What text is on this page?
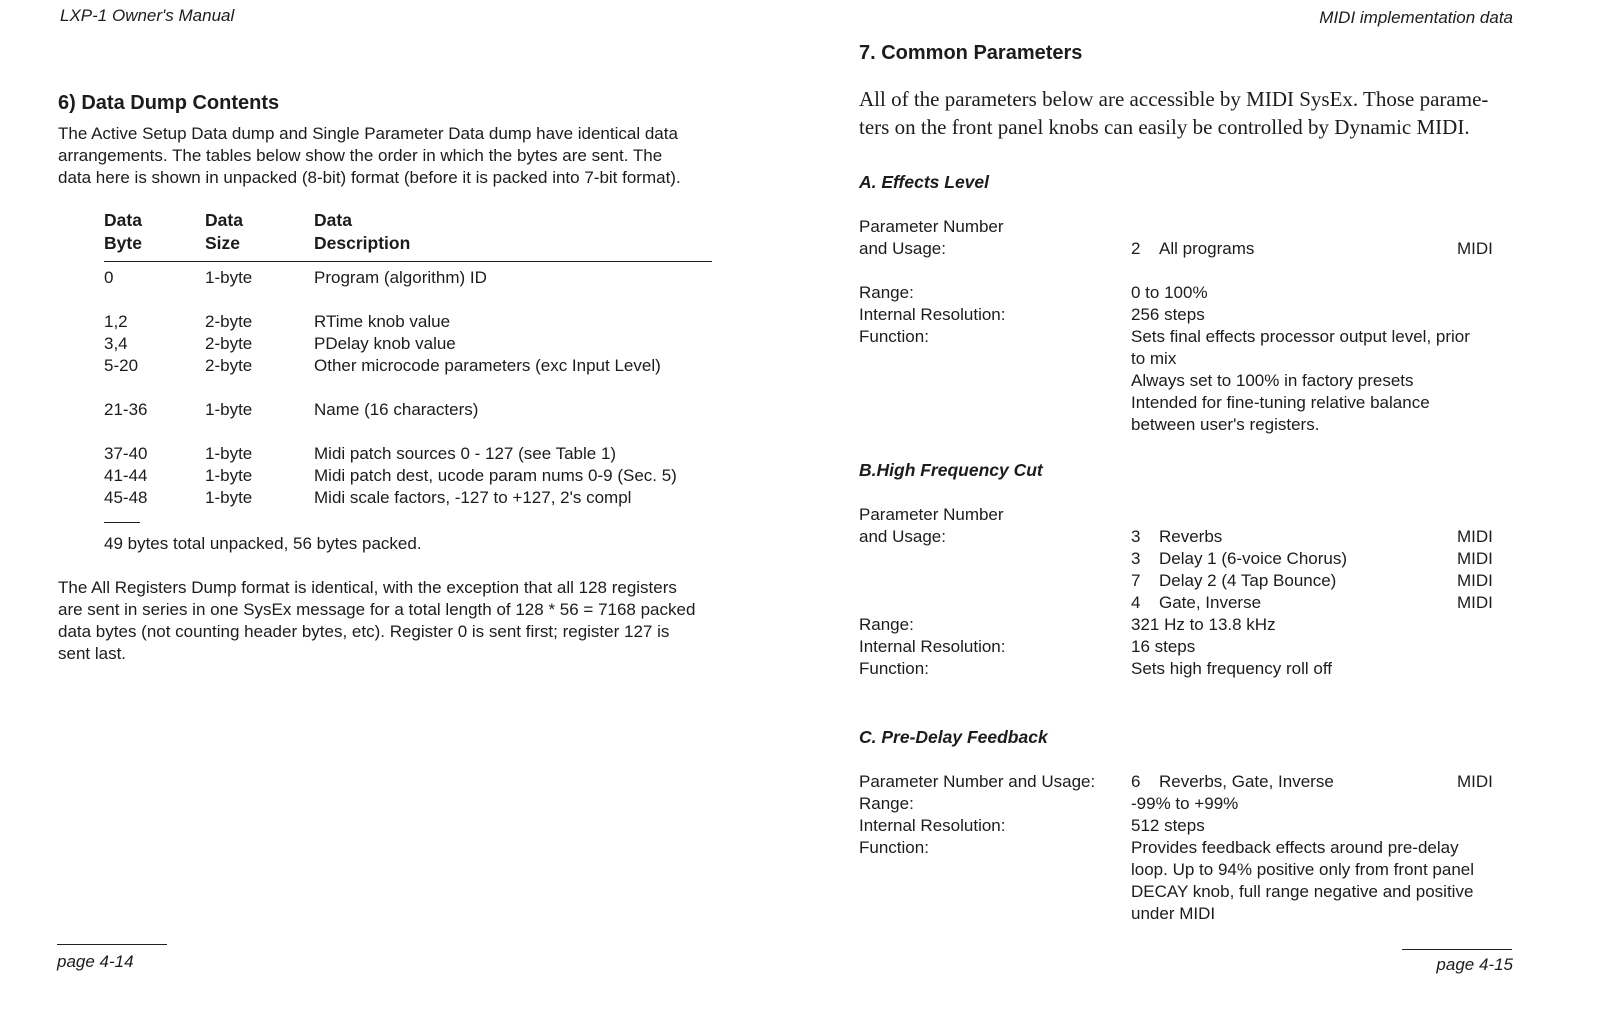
LXP-1 Owner's Manual
6) Data Dump Contents
The Active Setup Data dump and Single Parameter Data dump have identical data
arrangements. The tables below show the order in which the bytes are sent. The
data here is shown in unpacked (8-bit) format (before it is packed into 7-bit format).
Data
Byte
Data
Size
Data
Description
0
1,2
3,4
5-20
21-36
37-40
41-44
45-48
1-byte
2-byte
2-byte
2-byte
1-byte
1-byte
1-byte
1-byte
Program (algorithm) ID
RTime knob value
PDelay knob value
Other microcode parameters (exc Input Level)
Name (16 characters)
Midi patch sources 0 - 127 (see Table 1)
Midi patch dest, ucode param nums 0-9 (Sec. 5)
Midi scale factors, -127 to +127, 2's compl
49 bytes total unpacked, 56 bytes packed.
The All Registers Dump format is identical, with the exception that all 128 registers
are sent in series in one SysEx message for a total length of 128 * 56 = 7168 packed
data bytes (not counting header bytes, etc). Register 0 is sent first; register 127 is
sent last.
page 4-14
MIDI implementation data
7. Common Parameters
All of the parameters below are accessible by MIDI SysEx. Those parame-
ters on the front panel knobs can easily be controlled by Dynamic MIDI.
A. Effects Level
Parameter Number
and Usage:
Range:
Internal Resolution:
Function:
2 All programs	MIDI
0 to 100%
256 steps
Sets final effects processor output level, prior
to mix
Always set to 100% in factory presets
Intended for fine-tuning relative balance
between user's registers.
B.High Frequency Cut
Parameter Number
and Usage:
Range:
Internal Resolution:
Function:
3
3
7
4
Reverbs
Delay 1 (6-voice Chorus)
Delay 2 (4 Tap Bounce)
Gate, Inverse
MIDI
MIDI
MIDI
MIDI
321 Hz to 13.8 kHz
16 steps
Sets high frequency roll off
C. Pre-Delay Feedback
Parameter Number and Usage:
Range:
Internal Resolution:
Function:
6 Reverbs, Gate, Inverse	MIDI
-99% to +99%
512 steps
Provides feedback effects around pre-delay
loop. Up to 94% positive only from front panel
DECAY knob, full range negative and positive
under MIDI
page 4-15
